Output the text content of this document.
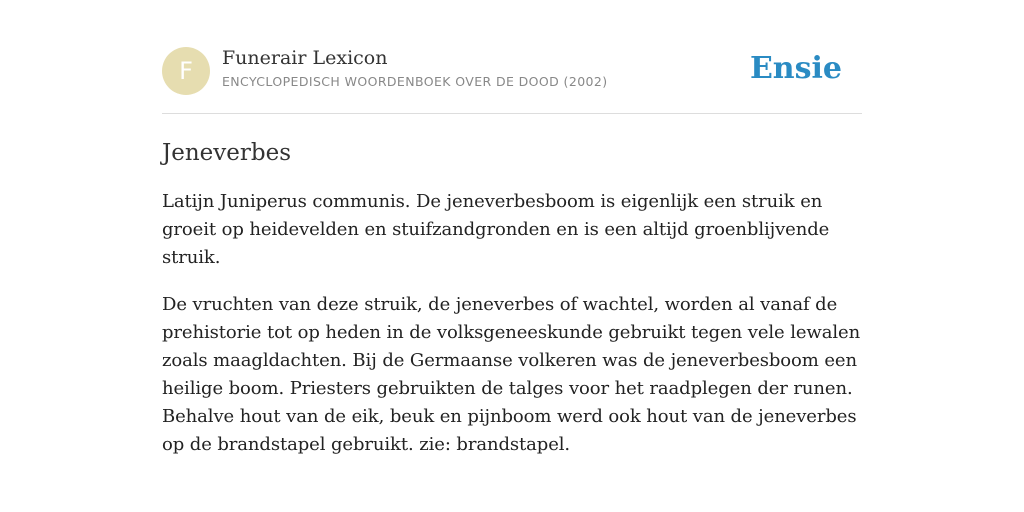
F	Funerair Lexicon
ENCYCLOPEDISCH WOORDENBOEK OVER DE DOOD (2002)	Ensie
Jeneverbes

Latijn Juniperus communis. De jeneverbesboom is eigenlijk een struik en groeit op heidevelden en stuifzandgronden en is een altijd groenblijvende struik.

De vruchten van deze struik, de jeneverbes of wachtel, worden al vanaf de prehistorie tot op heden in de volksgeneeskunde gebruikt tegen vele lewalen zoals maagldachten. Bij de Germaanse volkeren was de jeneverbesboom een heilige boom. Priesters gebruikten de talges voor het raadplegen der runen. Behalve hout van de eik, beuk en pijnboom werd ook hout van de jeneverbes op de brandstapel gebruikt. zie: brandstapel.
